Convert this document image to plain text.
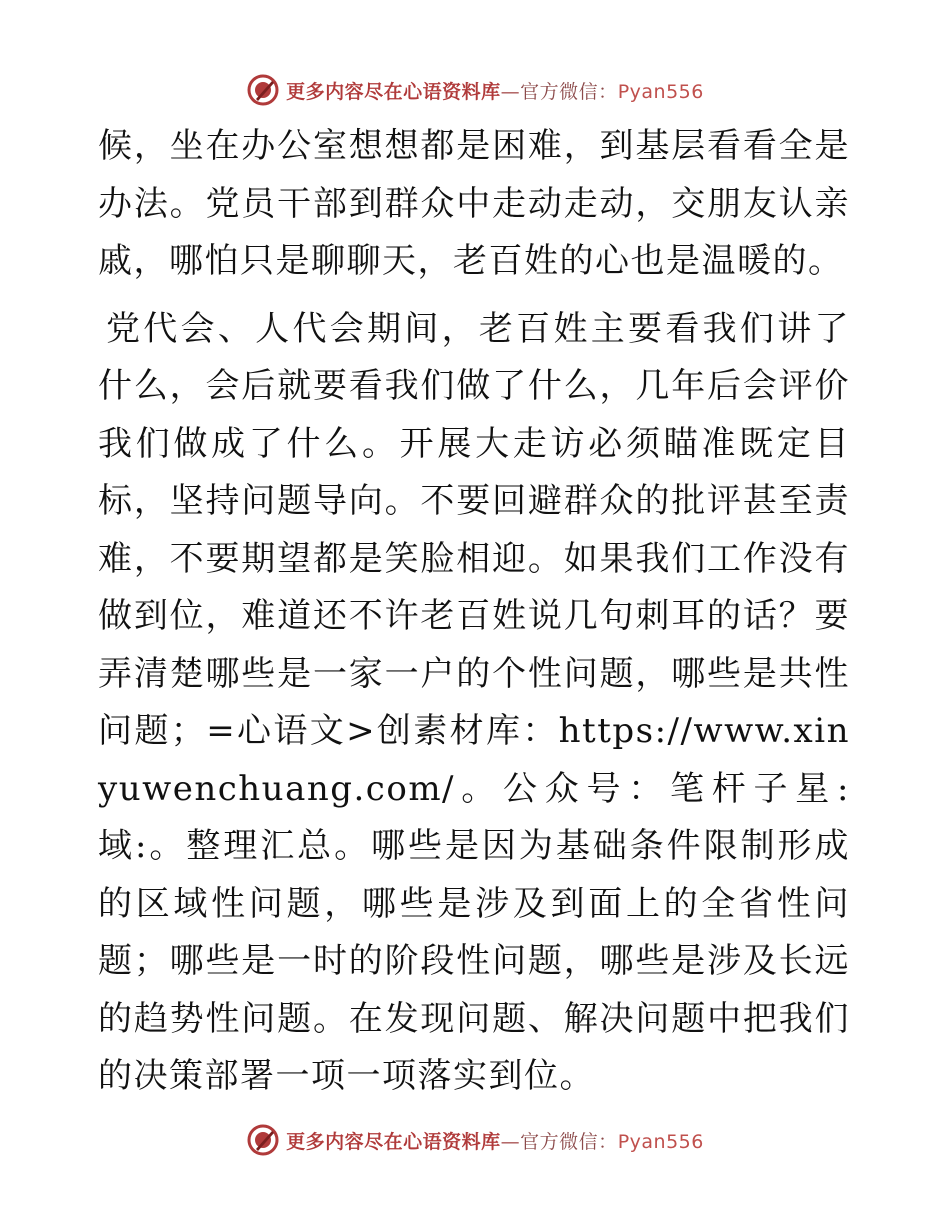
更多内容尽在心语资料库—官方微信：Pyan556

候，坐在办公室想想都是困难，到基层看看全是办法。党员干部到群众中走动走动，交朋友认亲戚，哪怕只是聊聊天，老百姓的心也是温暖的。

党代会、人代会期间，老百姓主要看我们讲了什么，会后就要看我们做了什么，几年后会评价我们做成了什么。开展大走访必须瞄准既定目标，坚持问题导向。不要回避群众的批评甚至责难，不要期望都是笑脸相迎。如果我们工作没有做到位，难道还不许老百姓说几句刺耳的话？要弄清楚哪些是一家一户的个性问题，哪些是共性问题；=心语文>创素材库：https://www.xinyuwenchuang.com/。公众号：笔杆子星:域:。整理汇总。哪些是因为基础条件限制形成的区域性问题，哪些是涉及到面上的全省性问题；哪些是一时的阶段性问题，哪些是涉及长远的趋势性问题。在发现问题、解决问题中把我们的决策部署一项一项落实到位。

更多内容尽在心语资料库—官方微信：Pyan556
